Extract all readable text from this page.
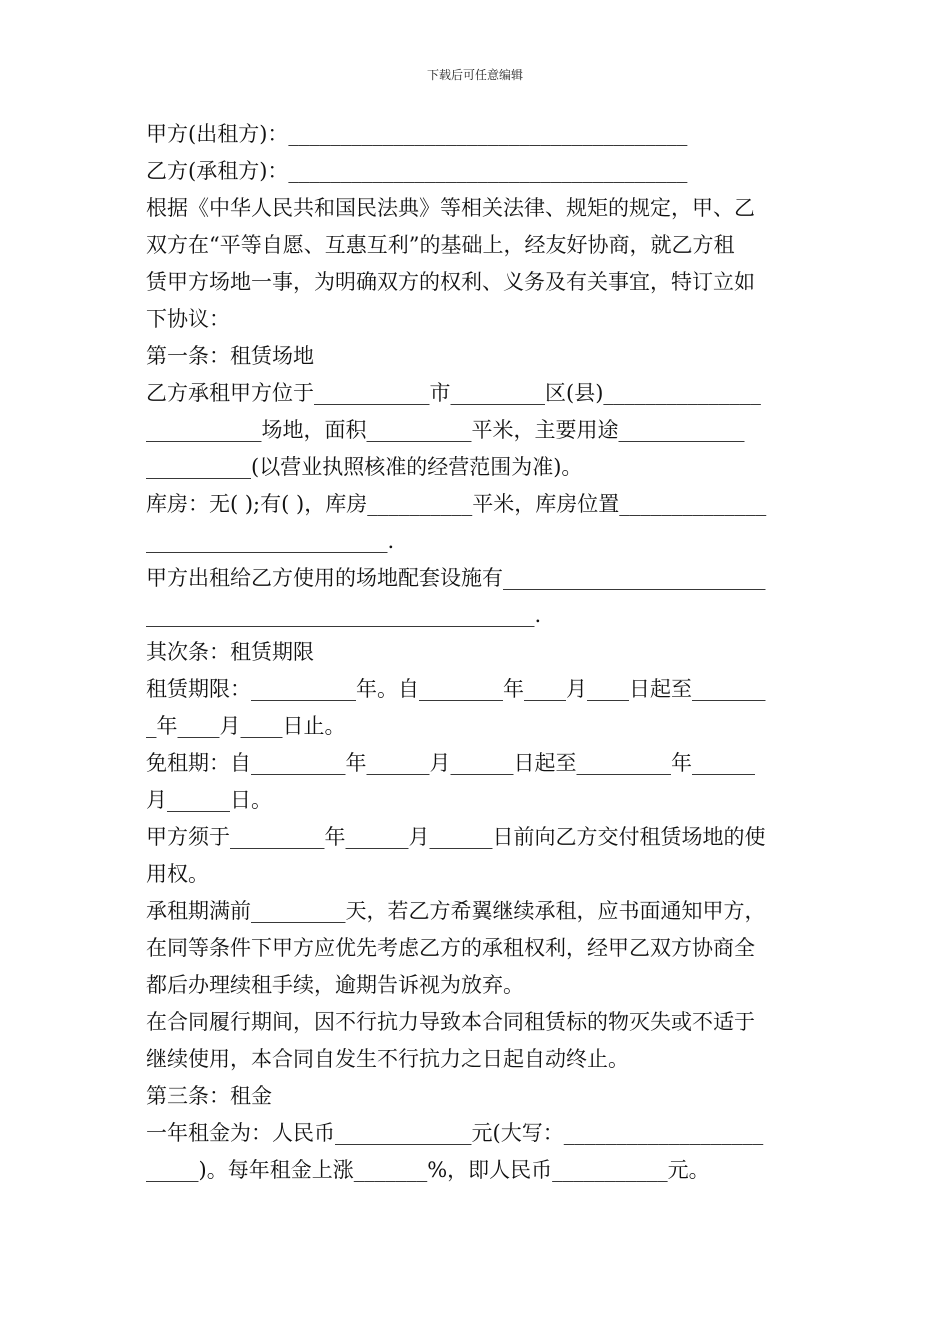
下载后可任意编辑
甲方(出租方)：______________________________________
乙方(承租方)：______________________________________
根据《中华人民共和国民法典》等相关法律、规矩的规定，甲、乙
双方在“平等自愿、互惠互利”的基础上，经友好协商，就乙方租
赁甲方场地一事，为明确双方的权利、义务及有关事宜，特订立如
下协议：
第一条：租赁场地
乙方承租甲方位于___________市_________区(县)_______________
___________场地，面积__________平米，主要用途____________
__________(以营业执照核准的经营范围为准)。
库房：无( );有( )，库房__________平米，库房位置______________
_______________________.
甲方出租给乙方使用的场地配套设施有_________________________
_____________________________________.
其次条：租赁期限
租赁期限：__________年。自________年____月____日起至_______
_年____月____日止。
免租期：自_________年______月______日起至_________年______
月______日。
甲方须于_________年______月______日前向乙方交付租赁场地的使
用权。
承租期满前_________天，若乙方希翼继续承租，应书面通知甲方，
在同等条件下甲方应优先考虑乙方的承租权利，经甲乙双方协商全
都后办理续租手续，逾期告诉视为放弃。
在合同履行期间，因不行抗力导致本合同租赁标的物灭失或不适于
继续使用，本合同自发生不行抗力之日起自动终止。
第三条：租金
一年租金为：人民币_____________元(大写：___________________
_____)。每年租金上涨_______%，即人民币___________元。
